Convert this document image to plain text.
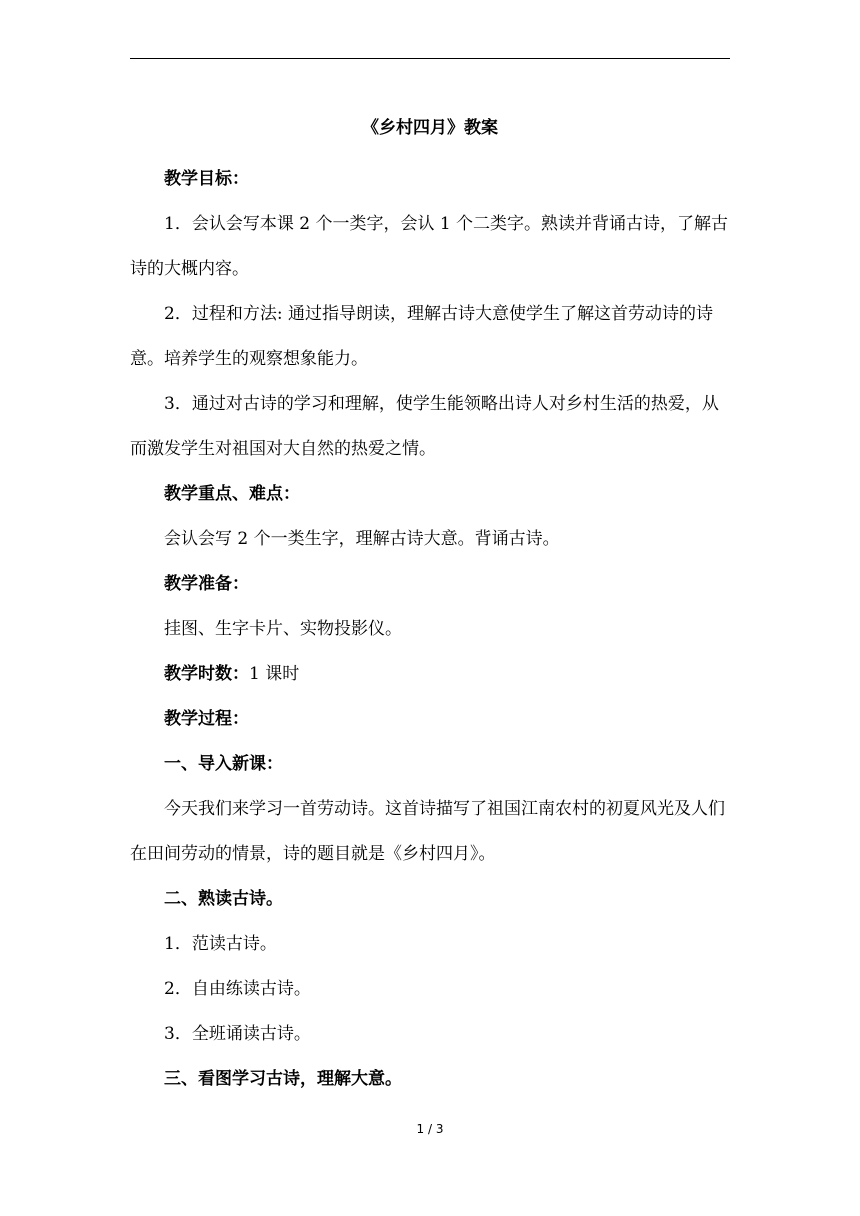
《乡村四月》教案

教学目标：

1．会认会写本课 2 个一类字，会认 1 个二类字。熟读并背诵古诗，了解古诗的大概内容。

2．过程和方法: 通过指导朗读，理解古诗大意使学生了解这首劳动诗的诗意。培养学生的观察想象能力。

3．通过对古诗的学习和理解，使学生能领略出诗人对乡村生活的热爱，从而激发学生对祖国对大自然的热爱之情。

教学重点、难点：

会认会写 2 个一类生字，理解古诗大意。背诵古诗。

教学准备：

挂图、生字卡片、实物投影仪。

教学时数：1 课时

教学过程：

一、导入新课：

今天我们来学习一首劳动诗。这首诗描写了祖国江南农村的初夏风光及人们在田间劳动的情景，诗的题目就是《乡村四月》。

二、熟读古诗。

1．范读古诗。

2．自由练读古诗。

3．全班诵读古诗。

三、看图学习古诗，理解大意。

1 / 3
